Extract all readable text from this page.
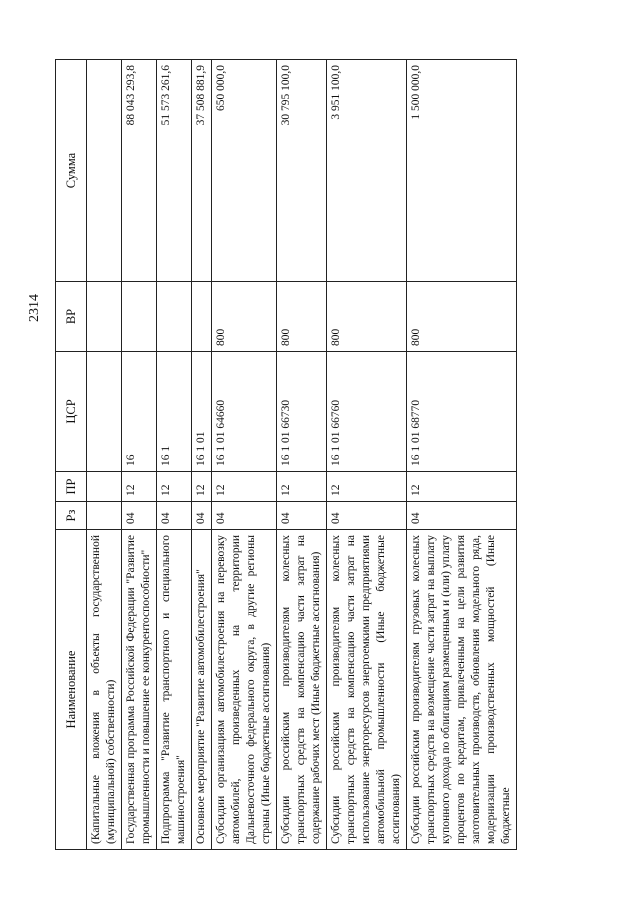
2314
Наименование	Рз	ПР	ЦСР	ВР	Сумма
(Капитальные вложения в объекты государственной (муниципальной) собственности)					
Государственная программа Российской Федерации "Развитие промышленности и повышение ее конкурентоспособности"	04	12	16		88 043 293,8
Подпрограмма "Развитие транспортного и специального машиностроения"	04	12	16 1		51 573 261,6
Основное мероприятие "Развитие автомобилестроения"	04	12	16 1 01		37 508 881,9
Субсидии организациям автомобилестроения на перевозку автомобилей, произведенных на территории Дальневосточного федерального округа, в другие регионы страны (Иные бюджетные ассигнования)	04	12	16 1 01 64660	800	650 000,0
Субсидии российским производителям колесных транспортных средств на компенсацию части затрат на содержание рабочих мест (Иные бюджетные ассигнования)	04	12	16 1 01 66730	800	30 795 100,0
Субсидии российским производителям колесных транспортных средств на компенсацию части затрат на использование энергоресурсов энергоемкими предприятиями автомобильной промышленности (Иные бюджетные ассигнования)	04	12	16 1 01 66760	800	3 951 100,0
Субсидии российским производителям грузовых колесных транспортных средств на возмещение части затрат на выплату купонного дохода по облигациям размещенным и (или) уплату процентов по кредитам, привлеченным на цели развития заготовительных производств, обновления модельного ряда, модернизации производственных мощностей (Иные бюджетные	04	12	16 1 01 68770	800	1 500 000,0
